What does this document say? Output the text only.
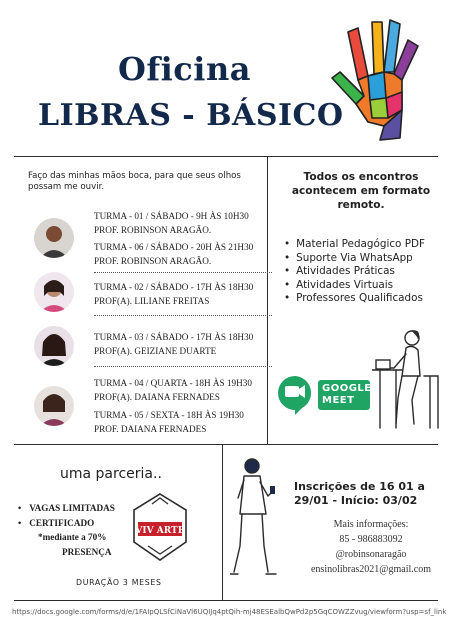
Oficina
LIBRAS - BÁSICO
Faço das minhas mãos boca, para que seus olhos possam me ouvir.
TURMA - 01 / SÁBADO - 9H ÀS 10H30
PROF. ROBINSON ARAGÃO.
TURMA - 06 / SÁBADO - 20H ÀS 21H30
PROF. ROBINSON ARAGÃO.
TURMA - 02 / SÁBADO - 17H ÀS 18H30
PROF(A). LILIANE FREITAS
TURMA - 03 / SÁBADO - 17H ÀS 18H30
PROF(A). GEIZIANE DUARTE
TURMA - 04 / QUARTA - 18H ÀS 19H30
PROF(A). DAIANA FERNADES
TURMA - 05 / SEXTA - 18H ÀS 19H30
PROF. DAIANA FERNADES
Todos os encontros acontecem em formato remoto.
• Material Pedagógico PDF
• Suporte Via WhatsApp
• Atividades Práticas
• Atividades Virtuais
• Professores Qualificados
GOOGLE
MEET
uma parceria..
• VAGAS LIMITADAS
• CERTIFICADO
*mediante a 70%
PRESENÇA
VIV ARTE
DURAÇÃO 3 MESES
Inscrições de 16 01 a 29/01 - Início: 03/02
Mais informações:
85 - 986883092
@robinsonaragão
ensinolibras2021@gmail.com
https://docs.google.com/forms/d/e/1FAIpQLSfCiNaVl6UQIJq4ptQih-mj48ESEalbQwPd2p5GqCOWZZvug/viewform?usp=sf_link
